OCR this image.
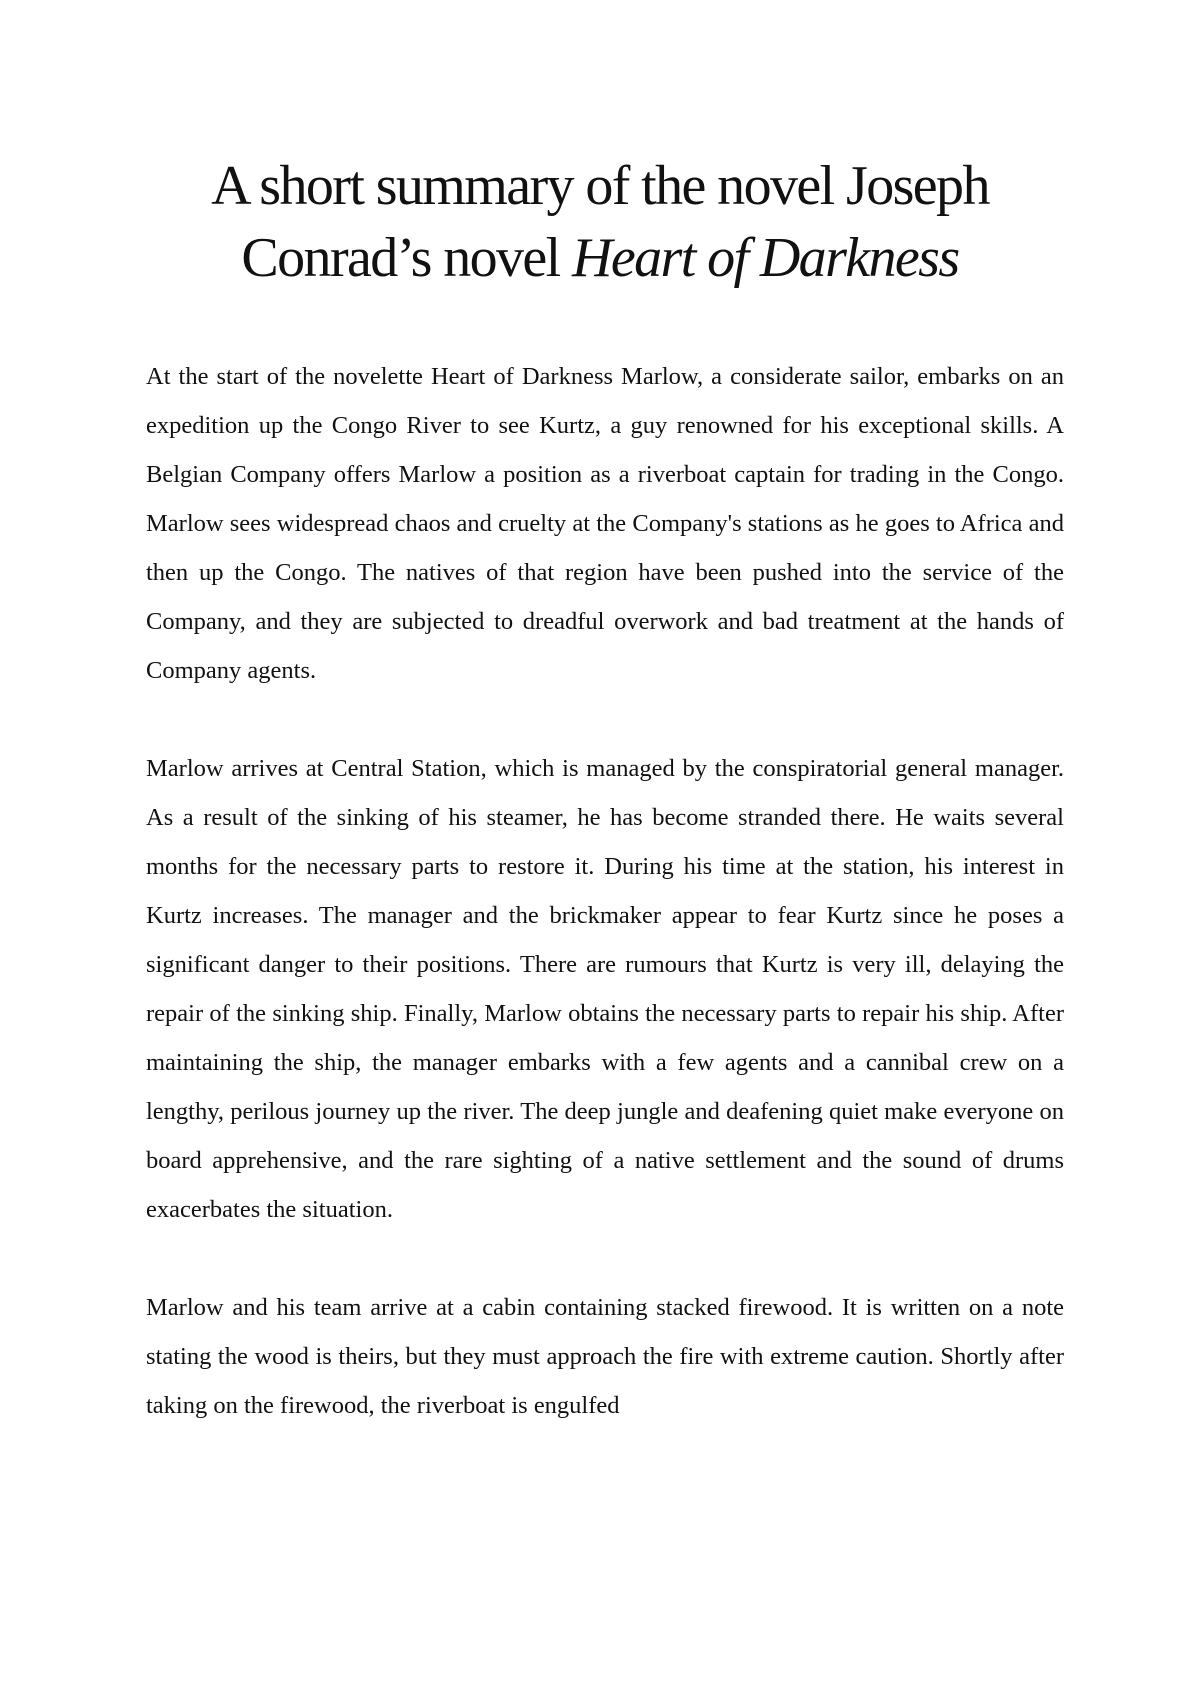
A short summary of the novel Joseph
Conrad’s novel Heart of Darkness

At the start of the novelette Heart of Darkness Marlow, a considerate sailor, embarks on an expedition up the Congo River to see Kurtz, a guy renowned for his exceptional skills. A Belgian Company offers Marlow a position as a riverboat captain for trading in the Congo. Marlow sees widespread chaos and cruelty at the Company's stations as he goes to Africa and then up the Congo. The natives of that region have been pushed into the service of the Company, and they are subjected to dreadful overwork and bad treatment at the hands of Company agents.

Marlow arrives at Central Station, which is managed by the conspiratorial general manager. As a result of the sinking of his steamer, he has become stranded there. He waits several months for the necessary parts to restore it. During his time at the station, his interest in Kurtz increases. The manager and the brickmaker appear to fear Kurtz since he poses a significant danger to their positions. There are rumours that Kurtz is very ill, delaying the repair of the sinking ship. Finally, Marlow obtains the necessary parts to repair his ship. After maintaining the ship, the manager embarks with a few agents and a cannibal crew on a lengthy, perilous journey up the river. The deep jungle and deafening quiet make everyone on board apprehensive, and the rare sighting of a native settlement and the sound of drums exacerbates the situation.

Marlow and his team arrive at a cabin containing stacked firewood. It is written on a note stating the wood is theirs, but they must approach the fire with extreme caution. Shortly after taking on the firewood, the riverboat is engulfed
